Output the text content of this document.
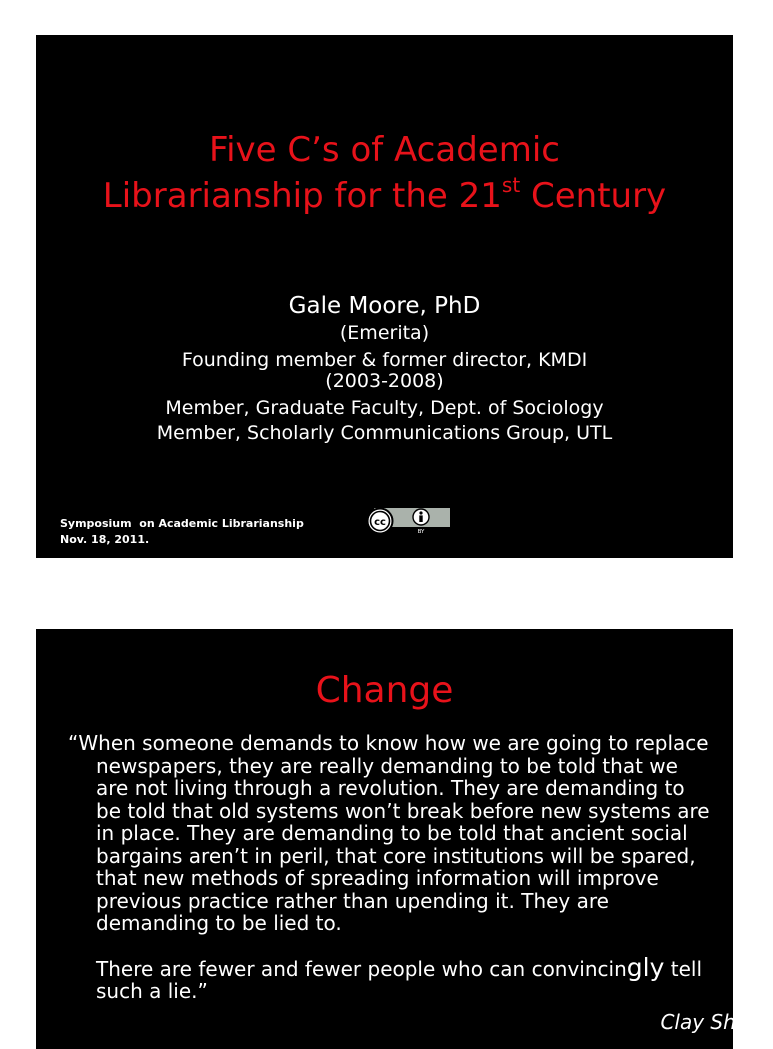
Five C’s of Academic
Librarianship for the 21st Century
Gale Moore, PhD
(Emerita)
Founding member & former director, KMDI
(2003-2008)
Member, Graduate Faculty, Dept. of Sociology
Member, Scholarly Communications Group, UTL
Symposium  on Academic Librarianship
Nov. 18, 2011.
cc
BY
Change

“When someone demands to know how we are going to replace newspapers, they are really demanding to be told that we are not living through a revolution. They are demanding to be told that old systems won’t break before new systems are in place. They are demanding to be told that ancient social bargains aren’t in peril, that core institutions will be spared, that new methods of spreading information will improve previous practice rather than upending it. They are demanding to be lied to.

There are fewer and fewer people who can convincingly tell such a lie.”

Clay Shirky
